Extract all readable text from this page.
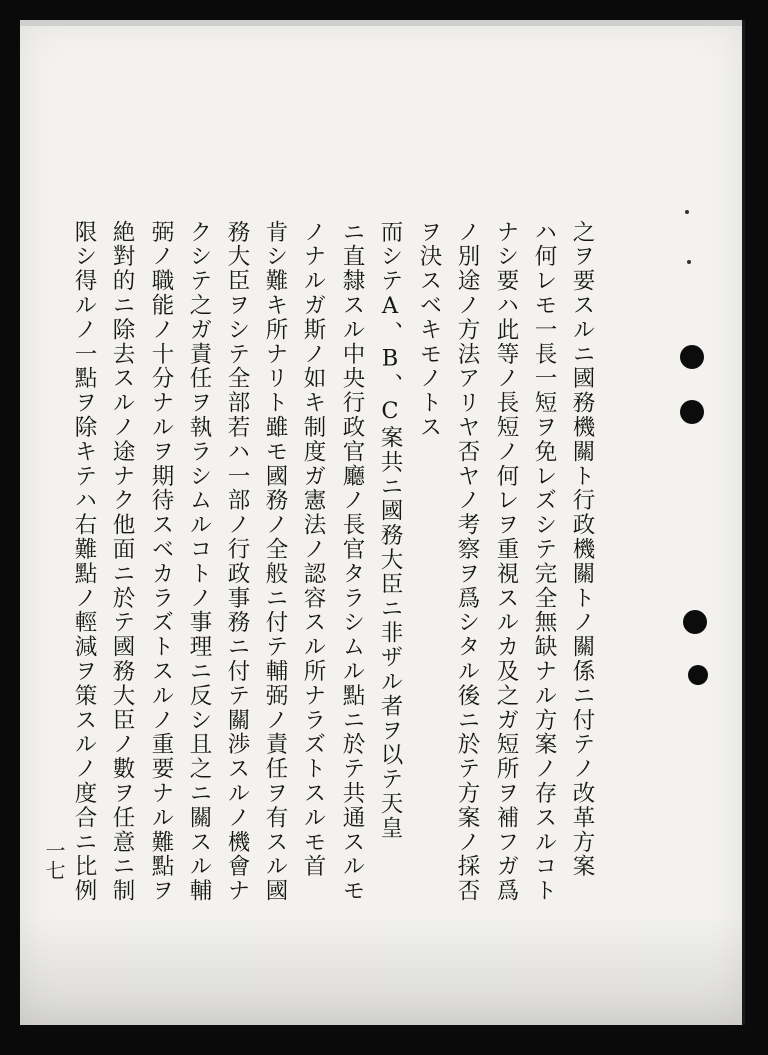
之ヲ要スルニ國務機關ト行政機關トノ關係ニ付テノ改革方案
ハ何レモ一長一短ヲ免レズシテ完全無缺ナル方案ノ存スルコト
ナシ要ハ此等ノ長短ノ何レヲ重視スルカ及之ガ短所ヲ補フガ爲
ノ別途ノ方法アリヤ否ヤノ考察ヲ爲シタル後ニ於テ方案ノ採否
ヲ決スベキモノトス
而シテA、B、C案共ニ國務大臣ニ非ザル者ヲ以テ天皇
ニ直隸スル中央行政官廳ノ長官タラシムル點ニ於テ共通スルモ
ノナルガ斯ノ如キ制度ガ憲法ノ認容スル所ナラズトスルモ首
肯シ難キ所ナリト雖モ國務ノ全般ニ付テ輔弼ノ責任ヲ有スル國
務大臣ヲシテ全部若ハ一部ノ行政事務ニ付テ關渉スルノ機會ナ
クシテ之ガ責任ヲ執ラシムルコトノ事理ニ反シ且之ニ關スル輔
弼ノ職能ノ十分ナルヲ期待スベカラズトスルノ重要ナル難點ヲ
絶對的ニ除去スルノ途ナク他面ニ於テ國務大臣ノ數ヲ任意ニ制
限シ得ルノ一點ヲ除キテハ右難點ノ輕減ヲ策スルノ度合ニ比例
一七
